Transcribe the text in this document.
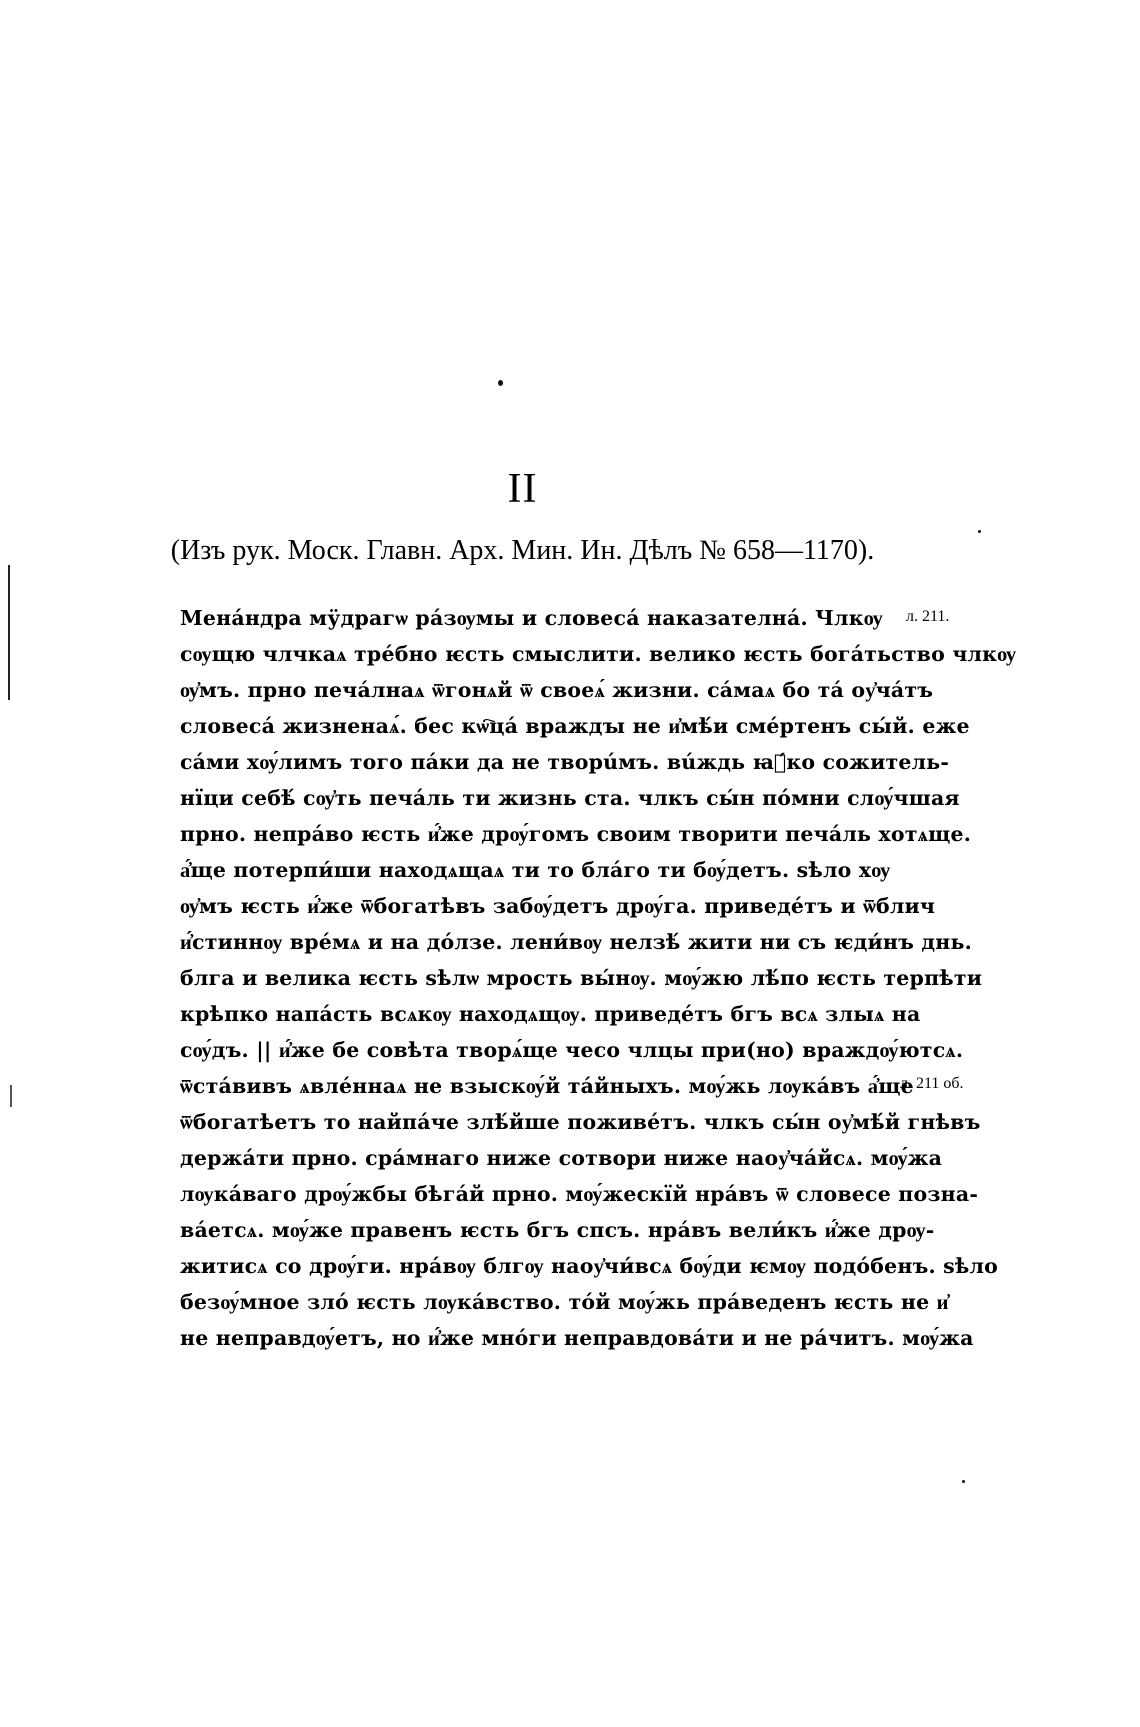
II
(Изъ рук. Моск. Главн. Арх. Мин. Ин. Дѣлъ № 658—1170).
л. 211.
л. 211 об.
Менáндра мӱдрагѡ рáзѹмы и словесá наказателнá. Члкѹ
сѹщю члчкаѧ трéбно ѥсть смыслити. велико ѥсть богáтьство члкѹ
ѹ҆мъ. прно печáлнаѧ ѿгонѧй ѿ своеѧ́ жизни. сáмаѧ бо тá оу҆чáтъ
словесá жизненаѧ́. бес кѡ҇цá враждꙑ не и҆мѣ́и смéртенъ сы́й. еже
сáми хѹ́лимъ того пáки да не творúмъ. вúждь ꙗ҆́ко сожитель-
нїци себѣ́ сѹ҆ть печáль ти жизнь ста. члкъ сы́н пóмни слѹ́чшая
прно. непрáво ѥсть и҆́же дрѹ́гомъ своим творити печáль хотѧщe.
а҆́ще потерпи́ши находѧщаѧ ти то блáго ти бѹ́детъ. ѕѣло хѹ
ѹ҆мъ ѥсть и҆́же ѿбогатѣвъ забѹ́детъ дрѹ́га. приведéтъ и ѿблич
и҆́стиннѹ врéмѧ и на дóлзе. лени́вѹ нелзѣ́ жити ни съ ѥди́нъ днь.
блга и велика ѥсть ѕѣлѡ мрость вы́нѹ. мѹ́жю лѣ́по ѥсть терпѣти
крѣпко напáсть всѧкѹ находѧщѹ. приведéтъ бгъ всѧ злыѧ на
сѹ́дъ. || и҆́же бе совѣта творѧ́ще чесо члцы при(но) враждѹ́ютсѧ.
ѿстáвивъ ѧвлéннаѧ не взыскѹ́й тáйныхъ. мѹ́жь лѹкáвъ а҆́ще
ѿбогатѣетъ то найпáче злѣ́йше поживéтъ. члкъ сы́н оу҆мѣ́й гнѣвъ
держáти прно. срáмнаго ниже сотвори ниже наоу҆чáйсѧ. мѹ́жа
лѹкáваго дрѹ́жбы бѣгáй прно. мѹ́жескїй нрáвъ ѿ словесе позна-
вáетсѧ. мѹ́же правенъ ѥсть бгъ спсъ. нрáвъ вели́къ и҆́же дрѹ-
житисѧ со дрѹ́ги. нрáвѹ блгѹ наоу҆чи́всѧ бѹ́ди ѥмѹ подóбенъ. ѕѣло
безѹ́мное злó ѥсть лѹкáвство. тóй мѹ́жь прáведенъ ѥсть не и҆
не неправдѹ́етъ, но и҆́же мнóги неправдовáти и не рáчитъ. мѹ́жа
